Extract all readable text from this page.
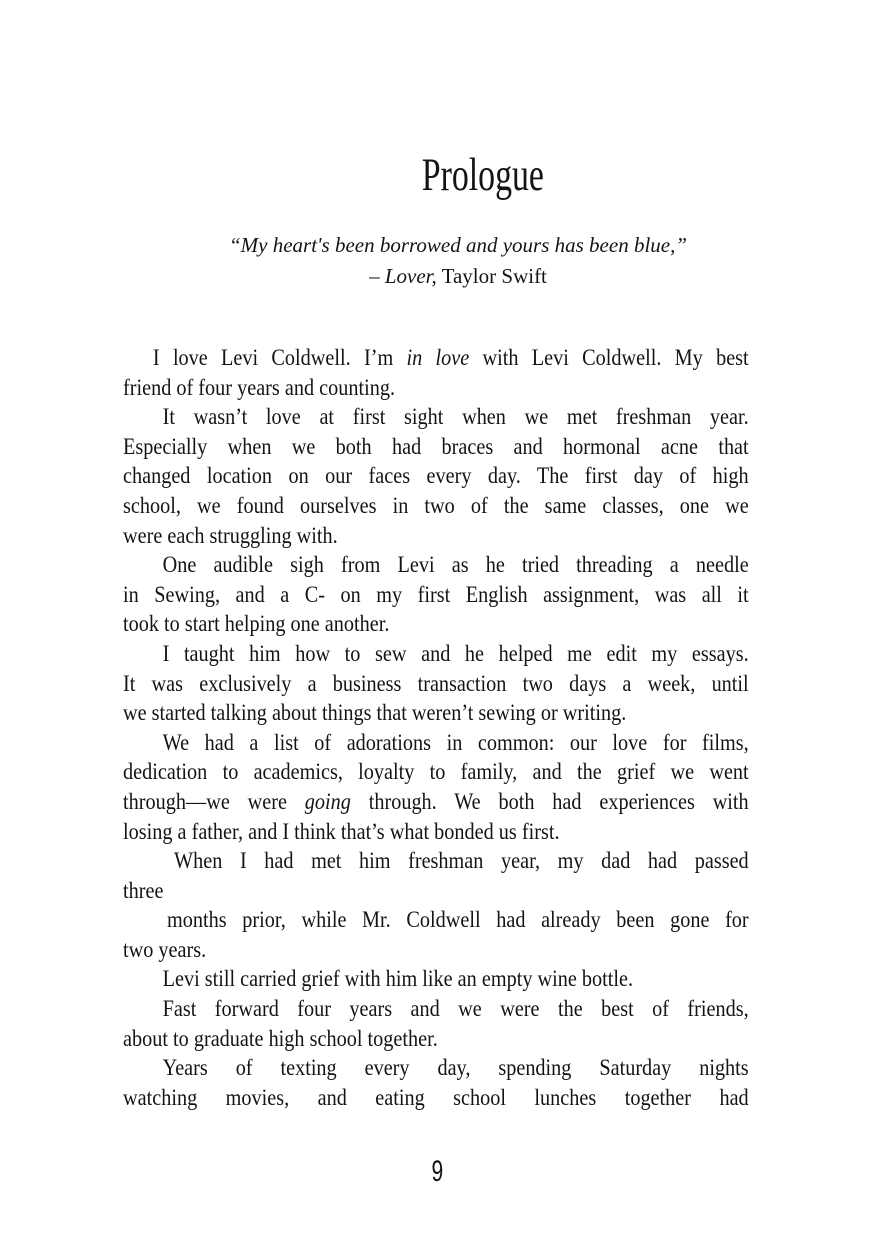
Prologue
“My heart's been borrowed and yours has been blue,”
– Lover, Taylor Swift
I love Levi Coldwell. I’m in love with Levi Coldwell. My best
friend of four years and counting.
It wasn’t love at first sight when we met freshman year.
Especially when we both had braces and hormonal acne that
changed location on our faces every day. The first day of high
school, we found ourselves in two of the same classes, one we
were each struggling with.
One audible sigh from Levi as he tried threading a needle
in Sewing, and a C- on my first English assignment, was all it
took to start helping one another.
I taught him how to sew and he helped me edit my essays.
It was exclusively a business transaction two days a week, until
we started talking about things that weren’t sewing or writing.
We had a list of adorations in common: our love for films,
dedication to academics, loyalty to family, and the grief we went
through—we were going through. We both had experiences with
losing a father, and I think that’s what bonded us first.
When I had met him freshman year, my dad had passed
three
months prior, while Mr. Coldwell had already been gone for
two years.
Levi still carried grief with him like an empty wine bottle.
Fast forward four years and we were the best of friends,
about to graduate high school together.
Years of texting every day, spending Saturday nights
watching movies, and eating school lunches together had
9
